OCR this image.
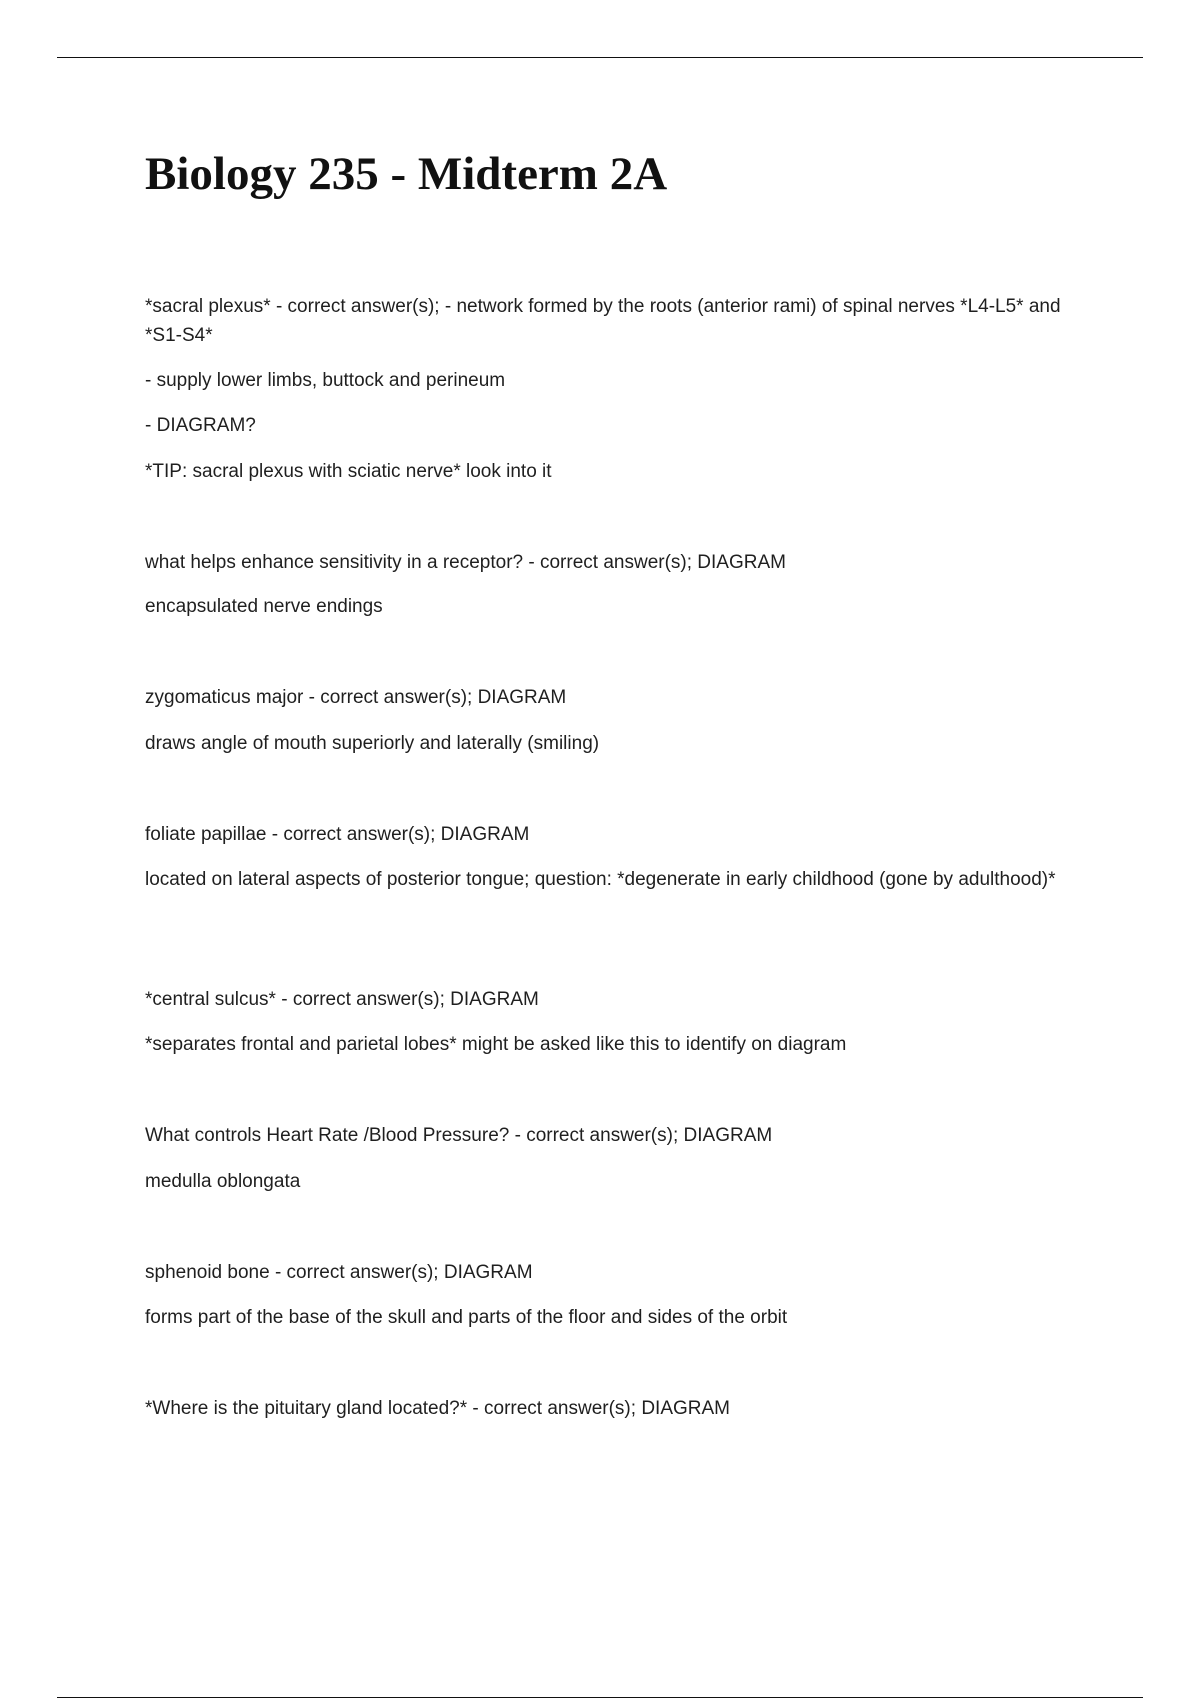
Biology 235 - Midterm 2A

*sacral plexus* - correct answer(s); - network formed by the roots (anterior rami) of spinal nerves *L4-L5* and *S1-S4*

- supply lower limbs, buttock and perineum

- DIAGRAM?

*TIP: sacral plexus with sciatic nerve* look into it

what helps enhance sensitivity in a receptor? - correct answer(s); DIAGRAM

encapsulated nerve endings

zygomaticus major - correct answer(s); DIAGRAM

draws angle of mouth superiorly and laterally (smiling)

foliate papillae - correct answer(s); DIAGRAM

located on lateral aspects of posterior tongue; question: *degenerate in early childhood (gone by adulthood)*

*central sulcus* - correct answer(s); DIAGRAM

*separates frontal and parietal lobes* might be asked like this to identify on diagram

What controls Heart Rate /Blood Pressure? - correct answer(s); DIAGRAM

medulla oblongata

sphenoid bone - correct answer(s); DIAGRAM

forms part of the base of the skull and parts of the floor and sides of the orbit

*Where is the pituitary gland located?* - correct answer(s); DIAGRAM
